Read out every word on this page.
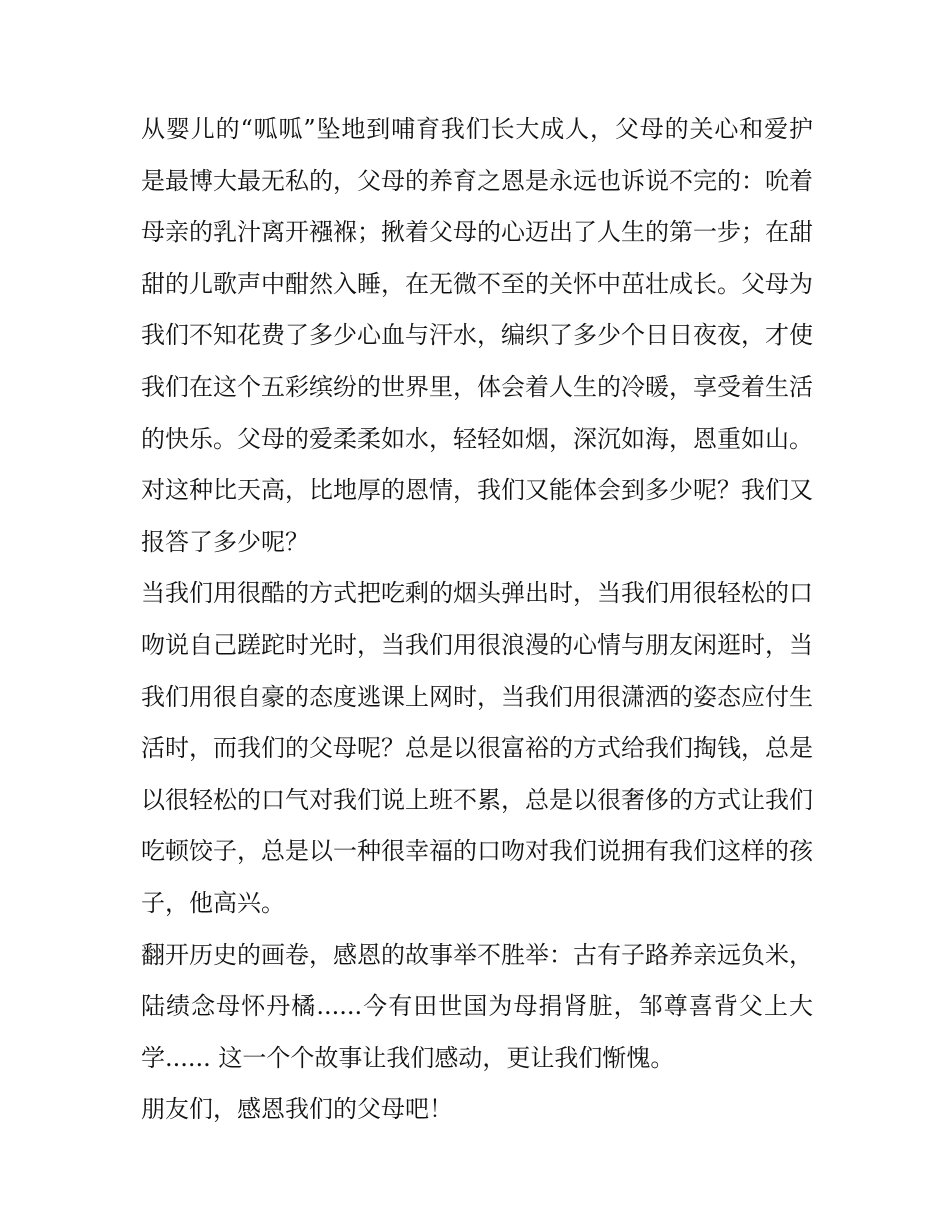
从婴儿的“呱呱”坠地到哺育我们长大成人，父母的关心和爱护是最博大最无私的，父母的养育之恩是永远也诉说不完的：吮着母亲的乳汁离开襁褓；揪着父母的心迈出了人生的第一步；在甜甜的儿歌声中酣然入睡，在无微不至的关怀中茁壮成长。父母为我们不知花费了多少心血与汗水，编织了多少个日日夜夜，才使我们在这个五彩缤纷的世界里，体会着人生的冷暖，享受着生活的快乐。父母的爱柔柔如水，轻轻如烟，深沉如海，恩重如山。对这种比天高，比地厚的恩情，我们又能体会到多少呢？我们又报答了多少呢？

当我们用很酷的方式把吃剩的烟头弹出时，当我们用很轻松的口吻说自己蹉跎时光时，当我们用很浪漫的心情与朋友闲逛时，当我们用很自豪的态度逃课上网时，当我们用很潇洒的姿态应付生活时，而我们的父母呢？总是以很富裕的方式给我们掏钱，总是以很轻松的口气对我们说上班不累，总是以很奢侈的方式让我们吃顿饺子，总是以一种很幸福的口吻对我们说拥有我们这样的孩子，他高兴。

翻开历史的画卷，感恩的故事举不胜举：古有子路养亲远负米，陆绩念母怀丹橘......今有田世国为母捐肾脏，邹尊喜背父上大学...... 这一个个故事让我们感动，更让我们惭愧。

朋友们，感恩我们的父母吧！
